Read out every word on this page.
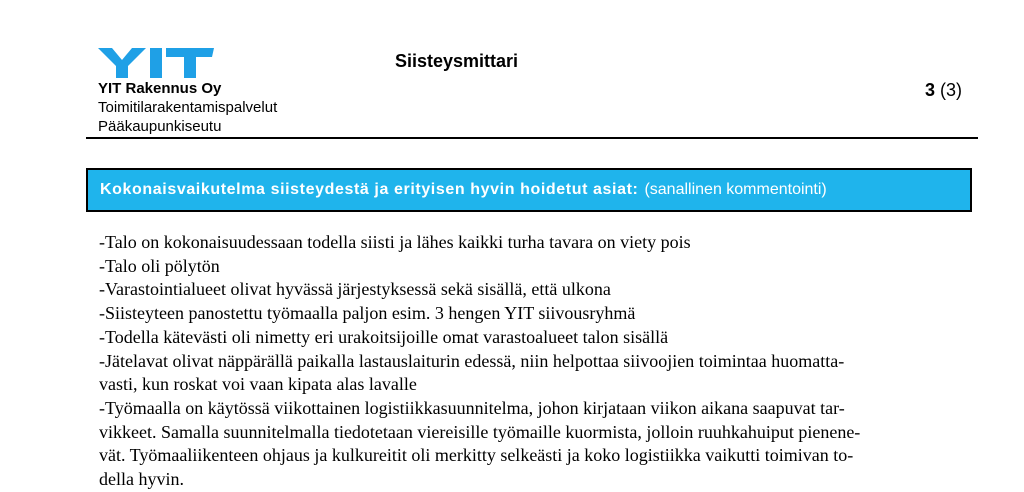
YIT Rakennus Oy
Toimitilarakentamispalvelut
Pääkaupunkiseutu
Siisteysmittari
3 (3)
Kokonaisvaikutelma siisteydestä ja erityisen hyvin hoidetut asiat: (sanallinen kommentointi)

-Talo on kokonaisuudessaan todella siisti ja lähes kaikki turha tavara on viety pois

-Talo oli pölytön

-Varastointialueet olivat hyvässä järjestyksessä sekä sisällä, että ulkona

-Siisteyteen panostettu työmaalla paljon esim. 3 hengen YIT siivousryhmä

-Todella kätevästi oli nimetty eri urakoitsijoille omat varastoalueet talon sisällä

-Jätelavat olivat näppärällä paikalla lastauslaiturin edessä, niin helpottaa siivoojien toimintaa huomatta-

vasti, kun roskat voi vaan kipata alas lavalle

-Työmaalla on käytössä viikottainen logistiikkasuunnitelma, johon kirjataan viikon aikana saapuvat tar-

vikkeet. Samalla suunnitelmalla tiedotetaan viereisille työmaille kuormista, jolloin ruuhkahuiput pienene-

vät. Työmaaliikenteen ohjaus ja kulkureitit oli merkitty selkeästi ja koko logistiikka vaikutti toimivan to-

della hyvin.
